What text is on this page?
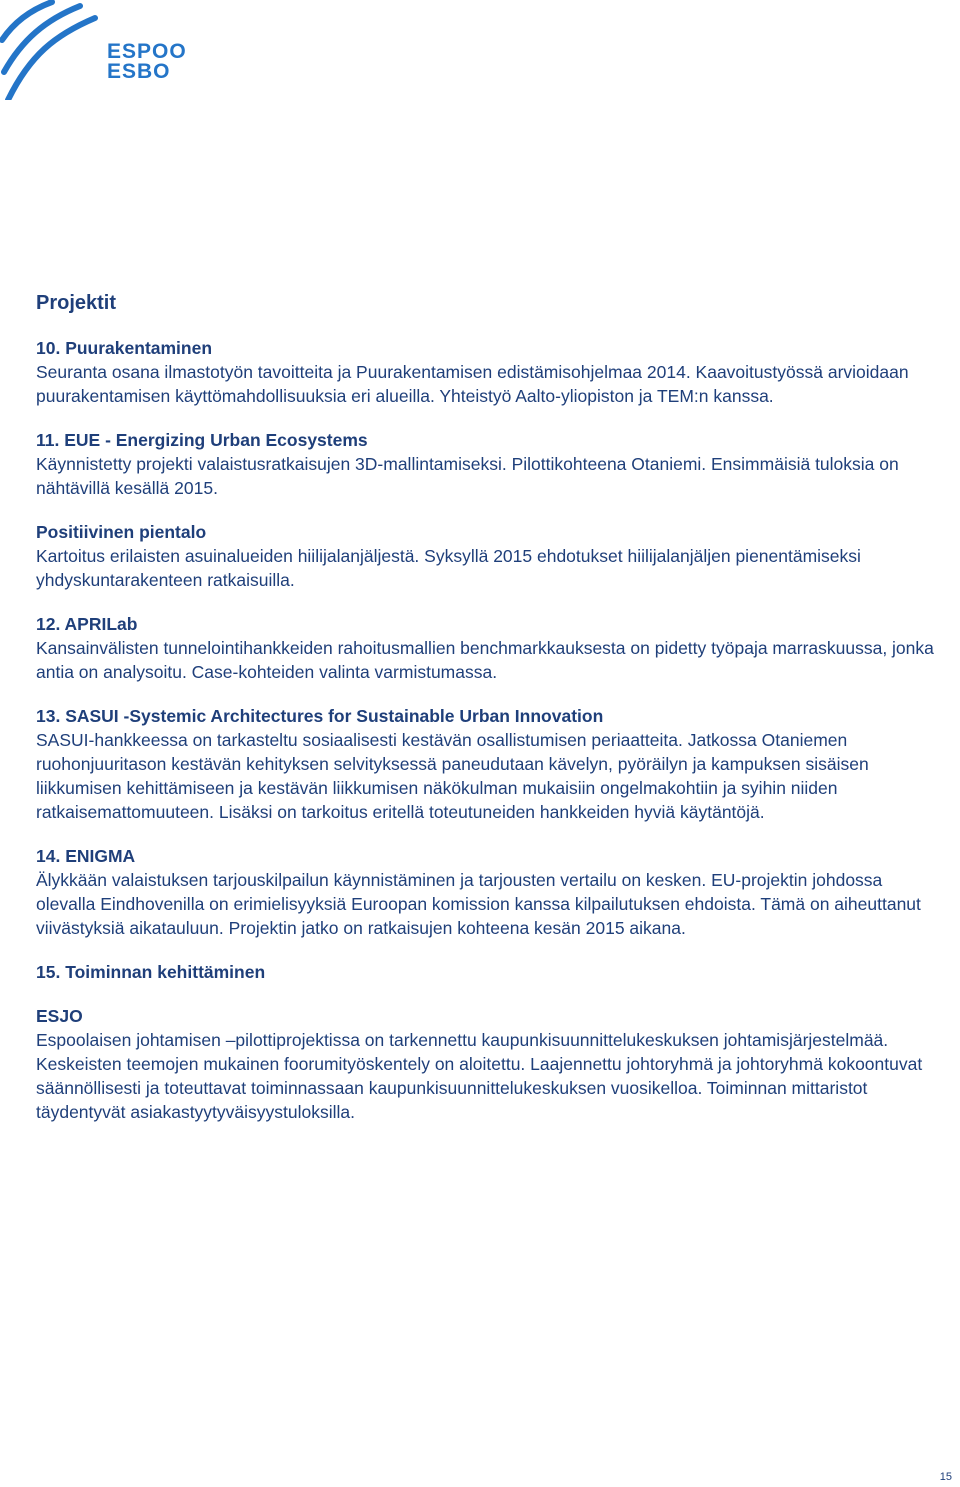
ESPOO
ESBO
Projektit

10. Puurakentaminen

Seuranta osana ilmastotyön tavoitteita ja Puurakentamisen edistämisohjelmaa 2014. Kaavoitustyössä arvioidaan puurakentamisen käyttömahdollisuuksia eri alueilla. Yhteistyö Aalto-yliopiston ja TEM:n kanssa.

11. EUE - Energizing Urban Ecosystems

Käynnistetty projekti valaistusratkaisujen 3D-mallintamiseksi. Pilottikohteena Otaniemi. Ensimmäisiä tuloksia on nähtävillä kesällä 2015.

Positiivinen pientalo

Kartoitus erilaisten asuinalueiden hiilijalanjäljestä. Syksyllä 2015 ehdotukset hiilijalanjäljen pienentämiseksi yhdyskuntarakenteen ratkaisuilla.

12. APRILab

Kansainvälisten tunnelointihankkeiden rahoitusmallien benchmarkkauksesta on pidetty työpaja marraskuussa, jonka antia on analysoitu. Case-kohteiden valinta varmistumassa.

13. SASUI -Systemic Architectures for Sustainable Urban Innovation

SASUI-hankkeessa on tarkasteltu sosiaalisesti kestävän osallistumisen periaatteita. Jatkossa Otaniemen ruohonjuuritason kestävän kehityksen selvityksessä paneudutaan kävelyn, pyöräilyn ja kampuksen sisäisen liikkumisen kehittämiseen ja kestävän liikkumisen näkökulman mukaisiin ongelmakohtiin ja syihin niiden ratkaisemattomuuteen. Lisäksi on tarkoitus eritellä toteutuneiden hankkeiden hyviä käytäntöjä.

14. ENIGMA

Älykkään valaistuksen tarjouskilpailun käynnistäminen ja tarjousten vertailu on kesken. EU-projektin johdossa olevalla Eindhovenilla on erimielisyyksiä Euroopan komission kanssa kilpailutuksen ehdoista. Tämä on aiheuttanut viivästyksiä aikatauluun. Projektin jatko on ratkaisujen kohteena kesän 2015 aikana.

15. Toiminnan kehittäminen

ESJO

Espoolaisen johtamisen –pilottiprojektissa on tarkennettu kaupunkisuunnittelukeskuksen johtamisjärjestelmää. Keskeisten teemojen mukainen foorumityöskentely on aloitettu. Laajennettu johtoryhmä ja johtoryhmä kokoontuvat säännöllisesti ja toteuttavat toiminnassaan kaupunkisuunnittelukeskuksen vuosikelloa. Toiminnan mittaristot täydentyvät asiakastyytyväisyystuloksilla.

15
